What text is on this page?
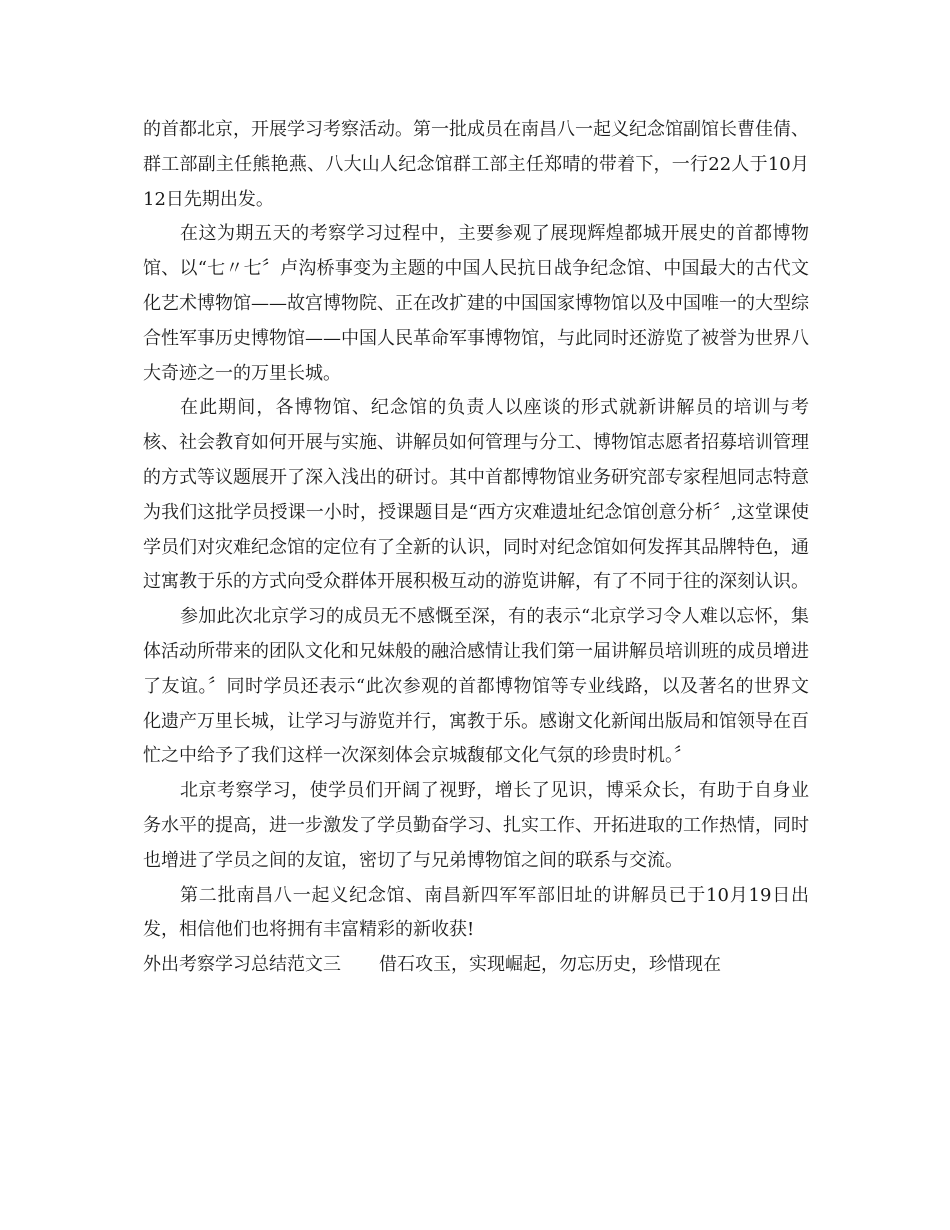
的首都北京，开展学习考察活动。第一批成员在南昌八一起义纪念馆副馆长曹佳倩、群工部副主任熊艳燕、八大山人纪念馆群工部主任郑晴的带着下，一行22人于10月12日先期出发。

在这为期五天的考察学习过程中，主要参观了展现辉煌都城开展史的首都博物馆、以“七〃七〞卢沟桥事变为主题的中国人民抗日战争纪念馆、中国最大的古代文化艺术博物馆——故宫博物院、正在改扩建的中国国家博物馆以及中国唯一的大型综合性军事历史博物馆——中国人民革命军事博物馆，与此同时还游览了被誉为世界八大奇迹之一的万里长城。

在此期间，各博物馆、纪念馆的负责人以座谈的形式就新讲解员的培训与考核、社会教育如何开展与实施、讲解员如何管理与分工、博物馆志愿者招募培训管理的方式等议题展开了深入浅出的研讨。其中首都博物馆业务研究部专家程旭同志特意为我们这批学员授课一小时，授课题目是“西方灾难遗址纪念馆创意分析〞,这堂课使学员们对灾难纪念馆的定位有了全新的认识，同时对纪念馆如何发挥其品牌特色，通过寓教于乐的方式向受众群体开展积极互动的游览讲解，有了不同于往的深刻认识。

参加此次北京学习的成员无不感慨至深，有的表示“北京学习令人难以忘怀，集体活动所带来的团队文化和兄妹般的融洽感情让我们第一届讲解员培训班的成员增进了友谊。〞同时学员还表示“此次参观的首都博物馆等专业线路，以及著名的世界文化遗产万里长城，让学习与游览并行，寓教于乐。感谢文化新闻出版局和馆领导在百忙之中给予了我们这样一次深刻体会京城馥郁文化气氛的珍贵时机。〞

北京考察学习，使学员们开阔了视野，增长了见识，博采众长，有助于自身业务水平的提高，进一步激发了学员勤奋学习、扎实工作、开拓进取的工作热情，同时也增进了学员之间的友谊，密切了与兄弟博物馆之间的联系与交流。

第二批南昌八一起义纪念馆、南昌新四军军部旧址的讲解员已于10月19日出发，相信他们也将拥有丰富精彩的新收获!

外出考察学习总结范文三 借石攻玉，实现崛起，勿忘历史，珍惜现在
